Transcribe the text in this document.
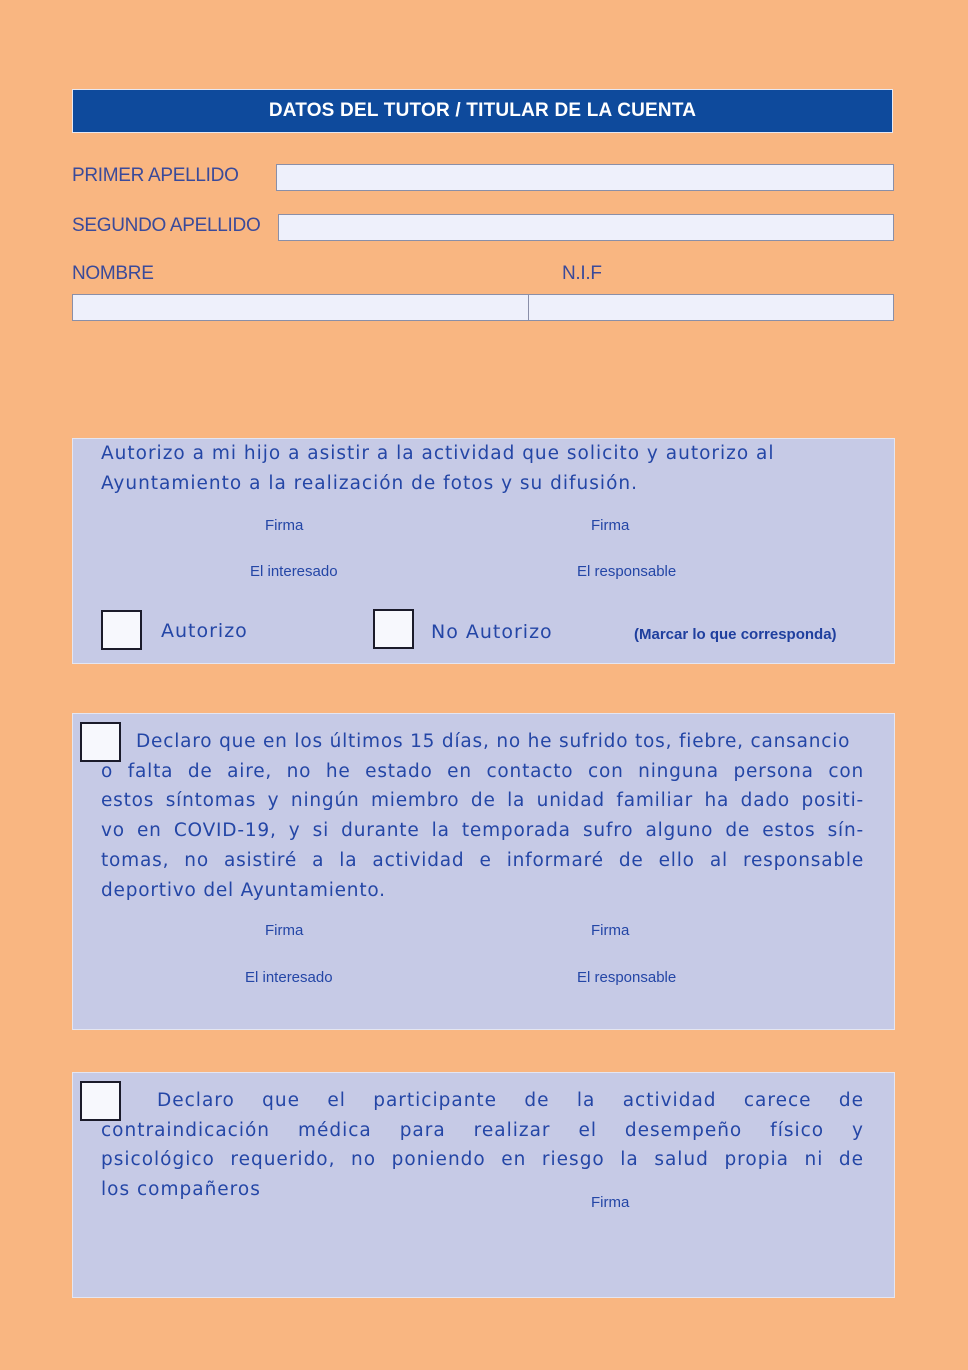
DATOS DEL TUTOR / TITULAR DE LA CUENTA
PRIMER APELLIDO
SEGUNDO APELLIDO
NOMBRE	N.I.F
Autorizo a mi hijo a asistir a la actividad que solicito y autorizo al
Ayuntamiento a la realización de fotos y su difusión.
Firma	Firma
El interesado	El responsable
Autorizo	No Autorizo	(Marcar lo que corresponda)
Declaro que en los últimos 15 días, no he sufrido tos, fiebre, cansancio
o falta de aire, no he estado en contacto con ninguna persona con
estos síntomas y ningún miembro de la unidad familiar ha dado positi-
vo en COVID-19, y si durante la temporada sufro alguno de estos sín-
tomas, no asistiré a la actividad e informaré de ello al responsable
deportivo del Ayuntamiento.
Firma	Firma
El interesado	El responsable
Declaro que el participante de la actividad carece de
contraindicación médica para realizar el desempeño físico y
psicológico requerido, no poniendo en riesgo la salud propia ni de
los compañeros
Firma
